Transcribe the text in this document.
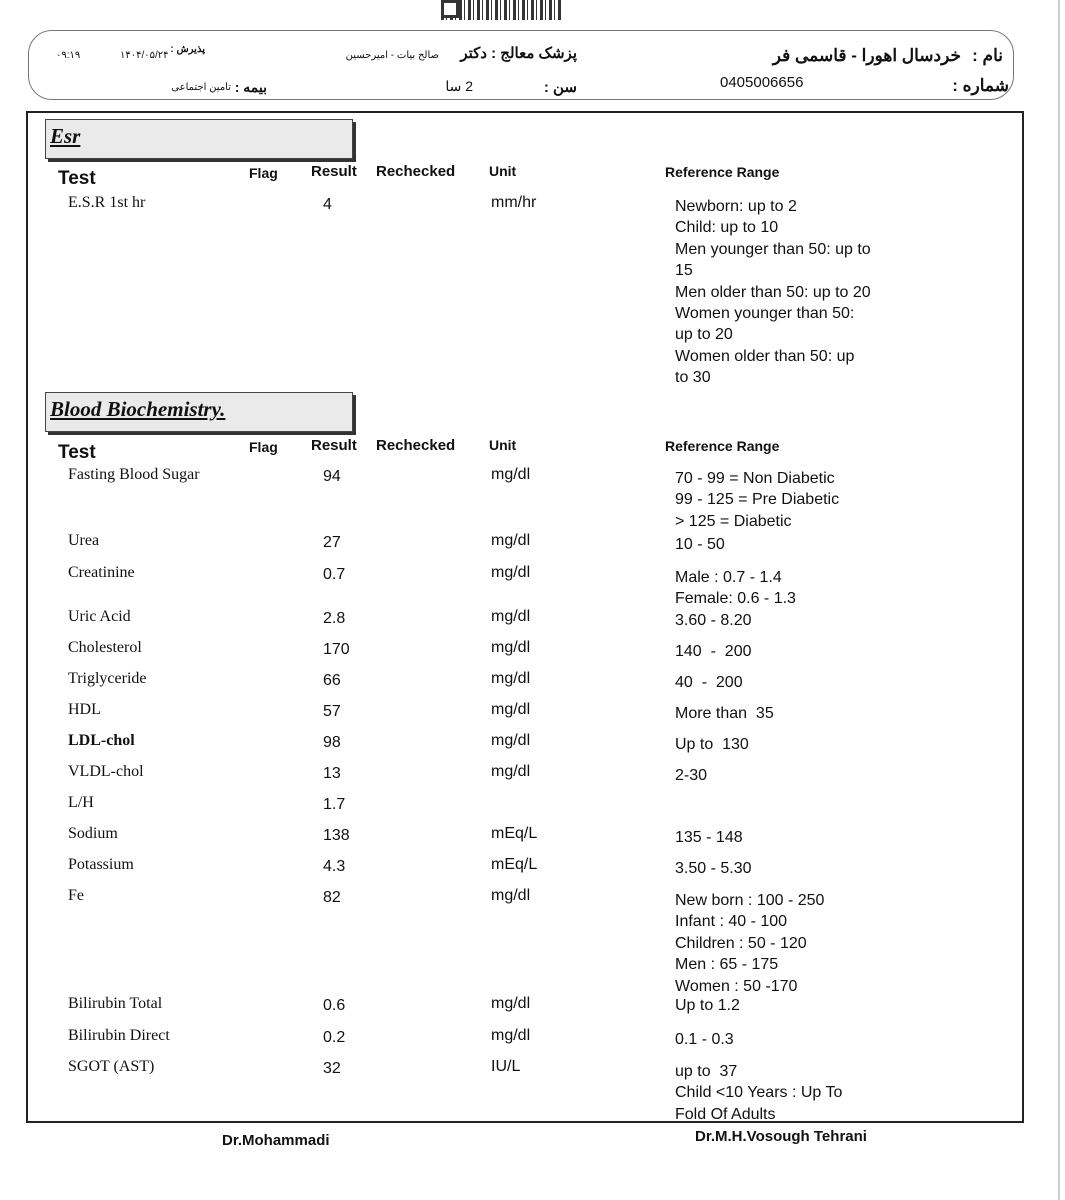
نام :
خردسال اهورا - قاسمی فر
شماره :
0405006656
پزشک معالج : دکتر
صالح بیات - امیرحسین
سن :
2 سا
پذیرش :
۱۴۰۴/۰۵/۲۴
۰۹:۱۹
بیمه :
تامین اجتماعی
Esr
Test	Flag Result Rechecked Unit	Reference Range
E.S.R 1st hr	4	mm/hr	Newborn: up to 2
Child: up to 10
Men younger than 50: up to
15
Men older than 50: up to 20
Women younger than 50:
up to 20
Women older than 50: up
to 30
Blood Biochemistry.
Test	Flag Result Rechecked Unit	Reference Range
Fasting Blood Sugar	94	mg/dl	70 - 99 = Non Diabetic
99 - 125 = Pre Diabetic
> 125 = Diabetic
Urea	27	mg/dl	10 - 50
Creatinine	0.7	mg/dl	Male : 0.7 - 1.4
Female: 0.6 - 1.3
Uric Acid	2.8	mg/dl	3.60 - 8.20
Cholesterol	170	mg/dl	140  -  200
Triglyceride	66	mg/dl	40  -  200
HDL	57	mg/dl	More than  35
LDL-chol	98	mg/dl	Up to  130
VLDL-chol	13	mg/dl	2-30
L/H	1.7
Sodium	138	mEq/L	135 - 148
Potassium	4.3	mEq/L	3.50 - 5.30
Fe	82	mg/dl	New born : 100 - 250
Infant : 40 - 100
Children : 50 - 120
Men : 65 - 175
Women : 50 -170
Bilirubin Total	0.6	mg/dl	Up to 1.2
Bilirubin Direct	0.2	mg/dl	0.1 - 0.3
SGOT (AST)	32	IU/L	up to  37
Child <10 Years : Up To
Fold Of Adults
Dr.Mohammadi	Dr.M.H.Vosough Tehrani
